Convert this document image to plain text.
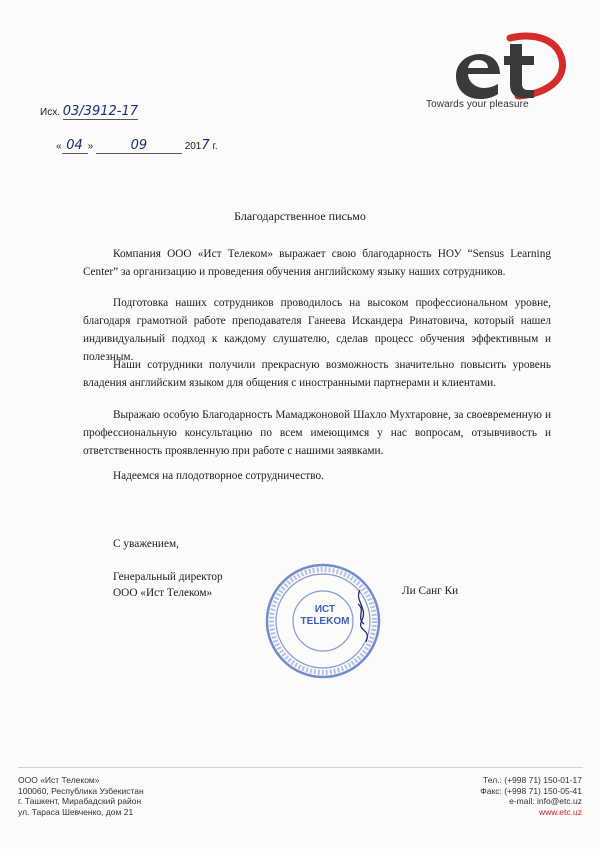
Towards your pleasure
Исх. 03/3912-17
« 04 »	09	2017 г.
Благодарственное письмо
Компания ООО «Ист Телеком» выражает свою благодарность НОУ “Sensus Learning Center” за организацию и проведения обучения английскому языку наших сотрудников.
Подготовка наших сотрудников проводилось на высоком профессиональном уровне, благодаря грамотной работе преподавателя Ганеева Искандера Ринатовича, который нашел индивидуальный подход к каждому слушателю, сделав процесс обучения эффективным и полезным.
Наши сотрудники получили прекрасную возможность значительно повысить уровень владения английским языком для общения с иностранными партнерами и клиентами.
Выражаю особую Благодарность Мамаджоновой Шахло Мухтаровне, за своевременную и профессиональную консультацию по всем имеющимся у нас вопросам, отзывчивость и ответственность проявленную при работе с нашими заявками.
Надеемся на плодотворное сотрудничество.
С уважением,
Генеральный директор
ООО «Ист Телеком»	Ли Санг Ки
ИСТ
TELEKOM
ООО «Ист Телеком»
100060, Республика Узбекистан
г. Ташкент, Мирабадский район
ул. Тараса Шевченко, дом 21
Тел.: (+998 71) 150-01-17
Факс: (+998 71) 150-05-41
e-mail: info@etc.uz
www.etc.uz
